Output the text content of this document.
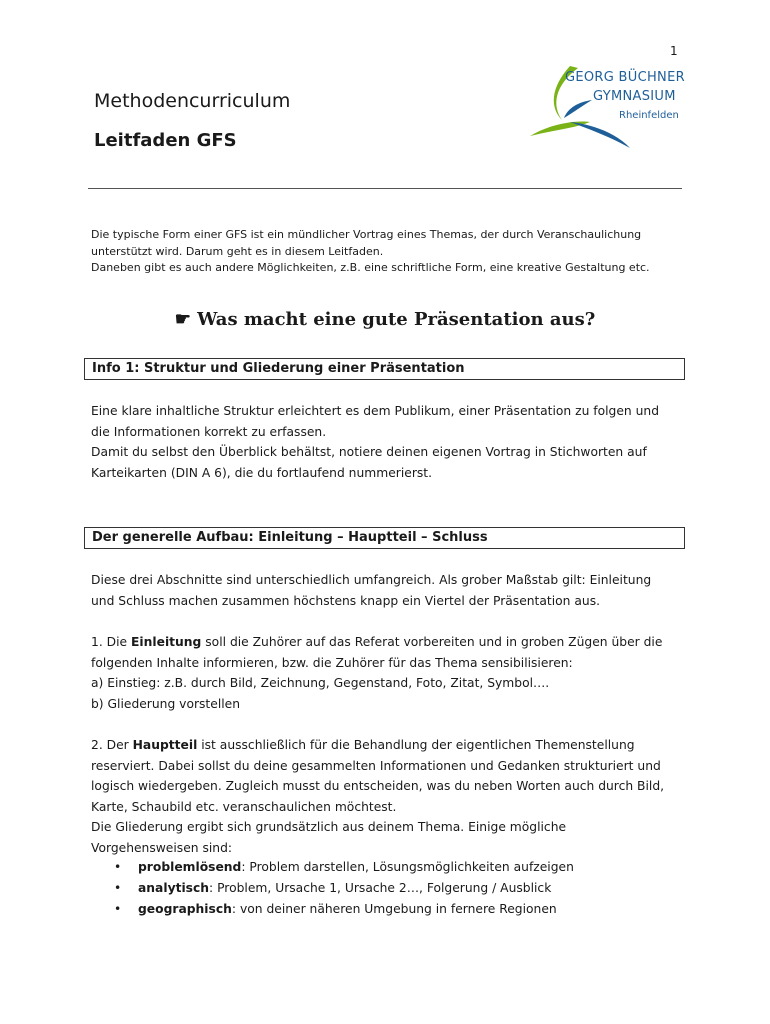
1
Methodencurriculum
Leitfaden GFS
GEORG BÜCHNER
GYMNASIUM
Rheinfelden

Die typische Form einer GFS ist ein mündlicher Vortrag eines Themas, der durch Veranschaulichung

unterstützt wird. Darum geht es in diesem Leitfaden.

Daneben gibt es auch andere Möglichkeiten, z.B. eine schriftliche Form, eine kreative Gestaltung etc.

☛ Was macht eine gute Präsentation aus?
Info 1: Struktur und Gliederung einer Präsentation

Eine klare inhaltliche Struktur erleichtert es dem Publikum, einer Präsentation zu folgen und

die Informationen korrekt zu erfassen.

Damit du selbst den Überblick behältst, notiere deinen eigenen Vortrag in Stichworten auf

Karteikarten (DIN A 6), die du fortlaufend nummerierst.

Der generelle Aufbau: Einleitung – Hauptteil – Schluss

Diese drei Abschnitte sind unterschiedlich umfangreich. Als grober Maßstab gilt: Einleitung

und Schluss machen zusammen höchstens knapp ein Viertel der Präsentation aus.

1. Die Einleitung soll die Zuhörer auf das Referat vorbereiten und in groben Zügen über die

folgenden Inhalte informieren, bzw. die Zuhörer für das Thema sensibilisieren:

a) Einstieg: z.B. durch Bild, Zeichnung, Gegenstand, Foto, Zitat, Symbol….

b) Gliederung vorstellen

2. Der Hauptteil ist ausschließlich für die Behandlung der eigentlichen Themenstellung

reserviert. Dabei sollst du deine gesammelten Informationen und Gedanken strukturiert und

logisch wiedergeben. Zugleich musst du entscheiden, was du neben Worten auch durch Bild,

Karte, Schaubild etc. veranschaulichen möchtest.

Die Gliederung ergibt sich grundsätzlich aus deinem Thema. Einige mögliche

Vorgehensweisen sind:

• problemlösend: Problem darstellen, Lösungsmöglichkeiten aufzeigen
• analytisch: Problem, Ursache 1, Ursache 2…, Folgerung / Ausblick
• geographisch: von deiner näheren Umgebung in fernere Regionen
